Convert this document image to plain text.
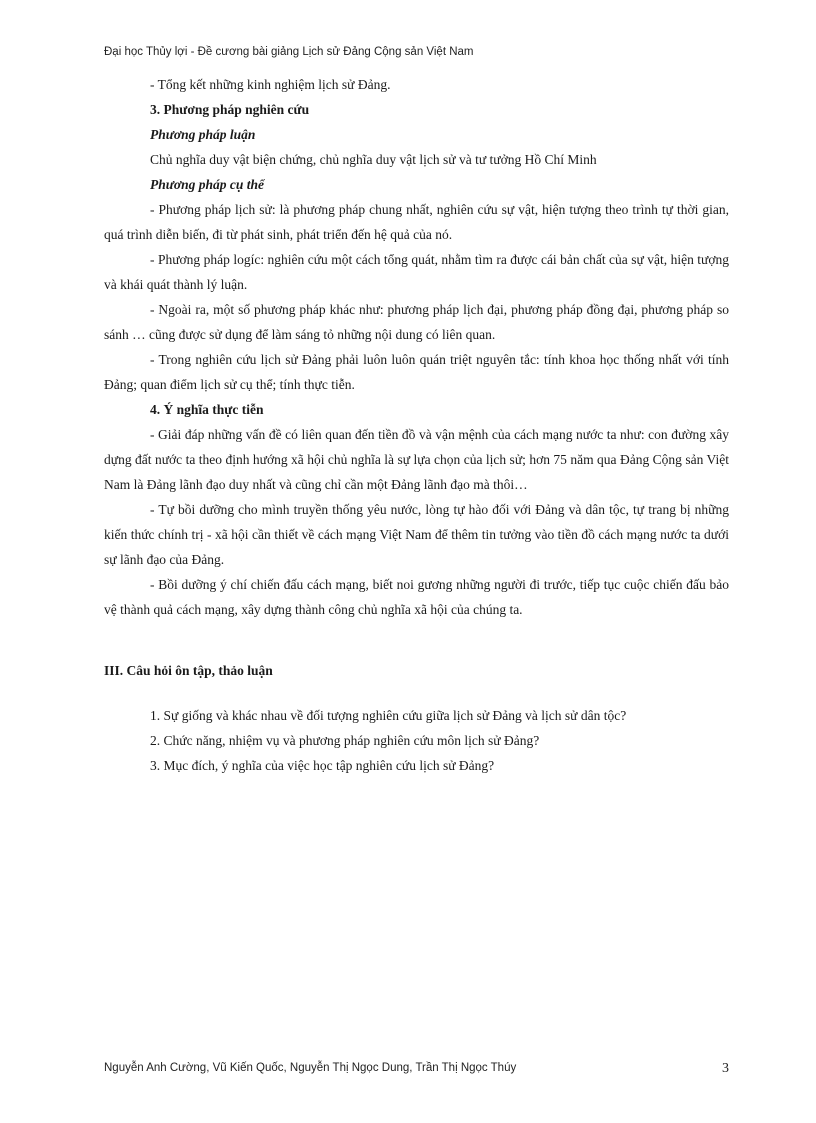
Đại học Thủy lợi - Đề cương bài giảng Lịch sử Đảng Cộng sản Việt Nam

- Tổng kết những kinh nghiệm lịch sử Đảng.

3. Phương pháp nghiên cứu

Phương pháp luận

Chủ nghĩa duy vật biện chứng, chủ nghĩa duy vật lịch sử và tư tưởng Hồ Chí Minh

Phương pháp cụ thể

- Phương pháp lịch sử: là phương pháp chung nhất, nghiên cứu sự vật, hiện tượng theo trình tự thời gian, quá trình diễn biến, đi từ phát sinh, phát triển đến hệ quả của nó.

- Phương pháp logíc: nghiên cứu một cách tổng quát, nhằm tìm ra được cái bản chất của sự vật, hiện tượng và khái quát thành lý luận.

- Ngoài ra, một số phương pháp khác như: phương pháp lịch đại, phương pháp đồng đại, phương pháp so sánh … cũng được sử dụng để làm sáng tỏ những nội dung có liên quan.

- Trong nghiên cứu lịch sử Đảng phải luôn luôn quán triệt nguyên tắc: tính khoa học thống nhất với tính Đảng; quan điểm lịch sử cụ thể; tính thực tiễn.

4. Ý nghĩa thực tiễn

- Giải đáp những vấn đề có liên quan đến tiền đồ và vận mệnh của cách mạng nước ta như: con đường xây dựng đất nước ta theo định hướng xã hội chủ nghĩa là sự lựa chọn của lịch sử; hơn 75 năm qua Đảng Cộng sản Việt Nam là Đảng lãnh đạo duy nhất và cũng chỉ cần một Đảng lãnh đạo mà thôi…

- Tự bồi dưỡng cho mình truyền thống yêu nước, lòng tự hào đối với Đảng và dân tộc, tự trang bị những kiến thức chính trị - xã hội cần thiết về cách mạng Việt Nam để thêm tin tưởng vào tiền đồ cách mạng nước ta dưới sự lãnh đạo của Đảng.

- Bồi dưỡng ý chí chiến đấu cách mạng, biết noi gương những người đi trước, tiếp tục cuộc chiến đấu bảo vệ thành quả cách mạng, xây dựng thành công chủ nghĩa xã hội của chúng ta.

III. Câu hỏi ôn tập, thảo luận

1. Sự giống và khác nhau về đối tượng nghiên cứu giữa lịch sử Đảng và lịch sử dân tộc?
2. Chức năng, nhiệm vụ và phương pháp nghiên cứu môn lịch sử Đảng?
3. Mục đích, ý nghĩa của việc học tập nghiên cứu lịch sử Đảng?
Nguyễn Anh Cường, Vũ Kiến Quốc, Nguyễn Thị Ngọc Dung, Trần Thị Ngọc Thúy	3
